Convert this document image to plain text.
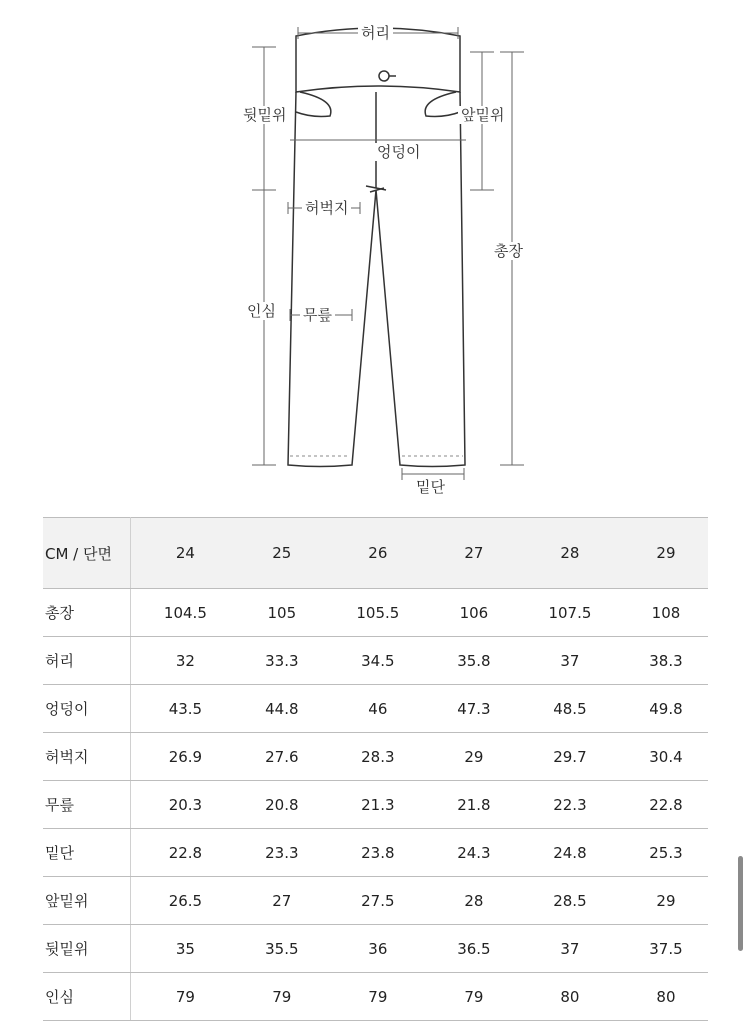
허리
뒷밑위	앞밑위
엉덩이
허벅지
총장
인심 무릎
밑단
CM / 단면	24	25	26	27	28	29
총장	104.5	105	105.5	106	107.5	108
허리	32	33.3	34.5	35.8	37	38.3
엉덩이	43.5	44.8	46	47.3	48.5	49.8
허벅지	26.9	27.6	28.3	29	29.7	30.4
무릎	20.3	20.8	21.3	21.8	22.3	22.8
밑단	22.8	23.3	23.8	24.3	24.8	25.3
앞밑위	26.5	27	27.5	28	28.5	29
뒷밑위	35	35.5	36	36.5	37	37.5
인심	79	79	79	79	80	80
